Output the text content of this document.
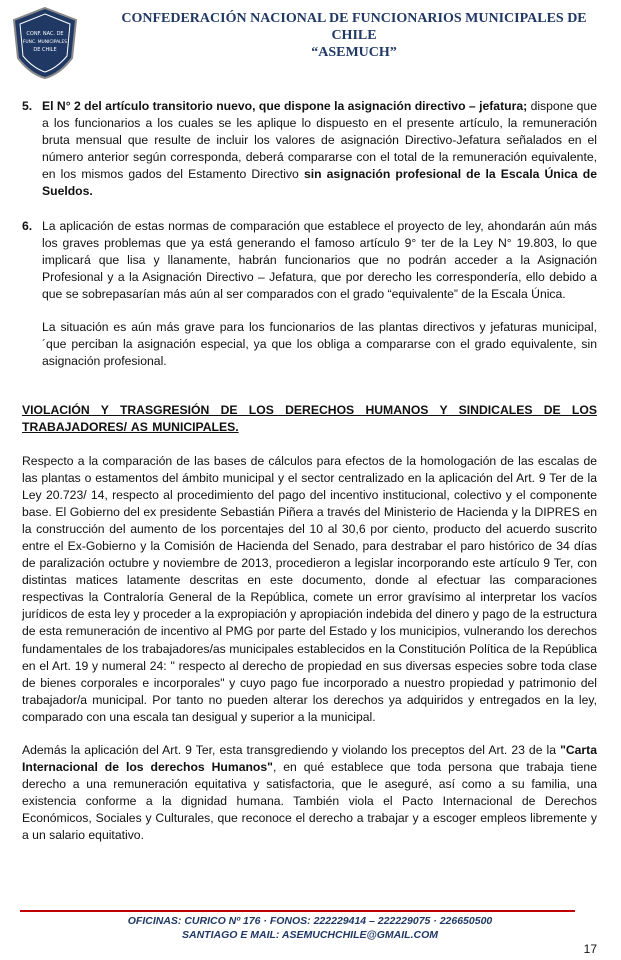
CONF. NAC. DE
FUNC. MUNICIPALES
DE CHILE
CONFEDERACIÓN NACIONAL DE FUNCIONARIOS MUNICIPALES DE CHILE
“ASEMUCH”
5. El N° 2 del artículo transitorio nuevo, que dispone la asignación directivo – jefatura; dispone que a los funcionarios a los cuales se les aplique lo dispuesto en el presente artículo, la remuneración bruta mensual que resulte de incluir los valores de asignación Directivo-Jefatura señalados en el número anterior según corresponda, deberá compararse con el total de la remuneración equivalente, en los mismos gados del Estamento Directivo sin asignación profesional de la Escala Única de Sueldos.
6. La aplicación de estas normas de comparación que establece el proyecto de ley, ahondarán aún más los graves problemas que ya está generando el famoso artículo 9° ter de la Ley N° 19.803, lo que implicará que lisa y llanamente, habrán funcionarios que no podrán acceder a la Asignación Profesional y a la Asignación Directivo – Jefatura, que por derecho les correspondería, ello debido a que se sobrepasarían más aún al ser comparados con el grado “equivalente” de la Escala Única.
La situación es aún más grave para los funcionarios de las plantas directivos y jefaturas municipal, ´que perciban la asignación especial, ya que los obliga a compararse con el grado equivalente, sin asignación profesional.
VIOLACIÓN Y TRASGRESIÓN DE LOS DERECHOS HUMANOS Y SINDICALES DE LOS TRABAJADORES/ AS MUNICIPALES.
Respecto a la comparación de las bases de cálculos para efectos de la homologación de las escalas de las plantas o estamentos del ámbito municipal y el sector centralizado en la aplicación del Art. 9 Ter de la Ley 20.723/ 14, respecto al procedimiento del pago del incentivo institucional, colectivo y el componente base. El Gobierno del ex presidente Sebastián Piñera a través del Ministerio de Hacienda y la DIPRES en la construcción del aumento de los porcentajes del 10 al 30,6 por ciento, producto del acuerdo suscrito entre el Ex-Gobierno y la Comisión de Hacienda del Senado, para destrabar el paro histórico de 34 días de paralización octubre y noviembre de 2013, procedieron a legislar incorporando este artículo 9 Ter, con distintas matices latamente descritas en este documento, donde al efectuar las comparaciones respectivas la Contraloría General de la República, comete un error gravísimo al interpretar los vacíos jurídicos de esta ley y proceder a la expropiación y apropiación indebida del dinero y pago de la estructura de esta remuneración de incentivo al PMG por parte del Estado y los municipios, vulnerando los derechos fundamentales de los trabajadores/as municipales establecidos en la Constitución Política de la República en el Art. 19 y numeral 24: " respecto al derecho de propiedad en sus diversas especies sobre toda clase de bienes corporales e incorporales" y cuyo pago fue incorporado a nuestro propiedad y patrimonio del trabajador/a municipal. Por tanto no pueden alterar los derechos ya adquiridos y entregados en la ley, comparado con una escala tan desigual y superior a la municipal.
Además la aplicación del Art. 9 Ter, esta transgrediendo y violando los preceptos del Art. 23 de la "Carta Internacional de los derechos Humanos", en qué establece que toda persona que trabaja tiene derecho a una remuneración equitativa y satisfactoria, que le aseguré, así como a su familia, una existencia conforme a la dignidad humana. También viola el Pacto Internacional de Derechos Económicos, Sociales y Culturales, que reconoce el derecho a trabajar y a escoger empleos libremente y a un salario equitativo.
OFICINAS: CURICO Nº 176 · FONOS: 222229414 – 222229075 · 226650500
SANTIAGO E MAIL: ASEMUCHCHILE@GMAIL.COM
17
